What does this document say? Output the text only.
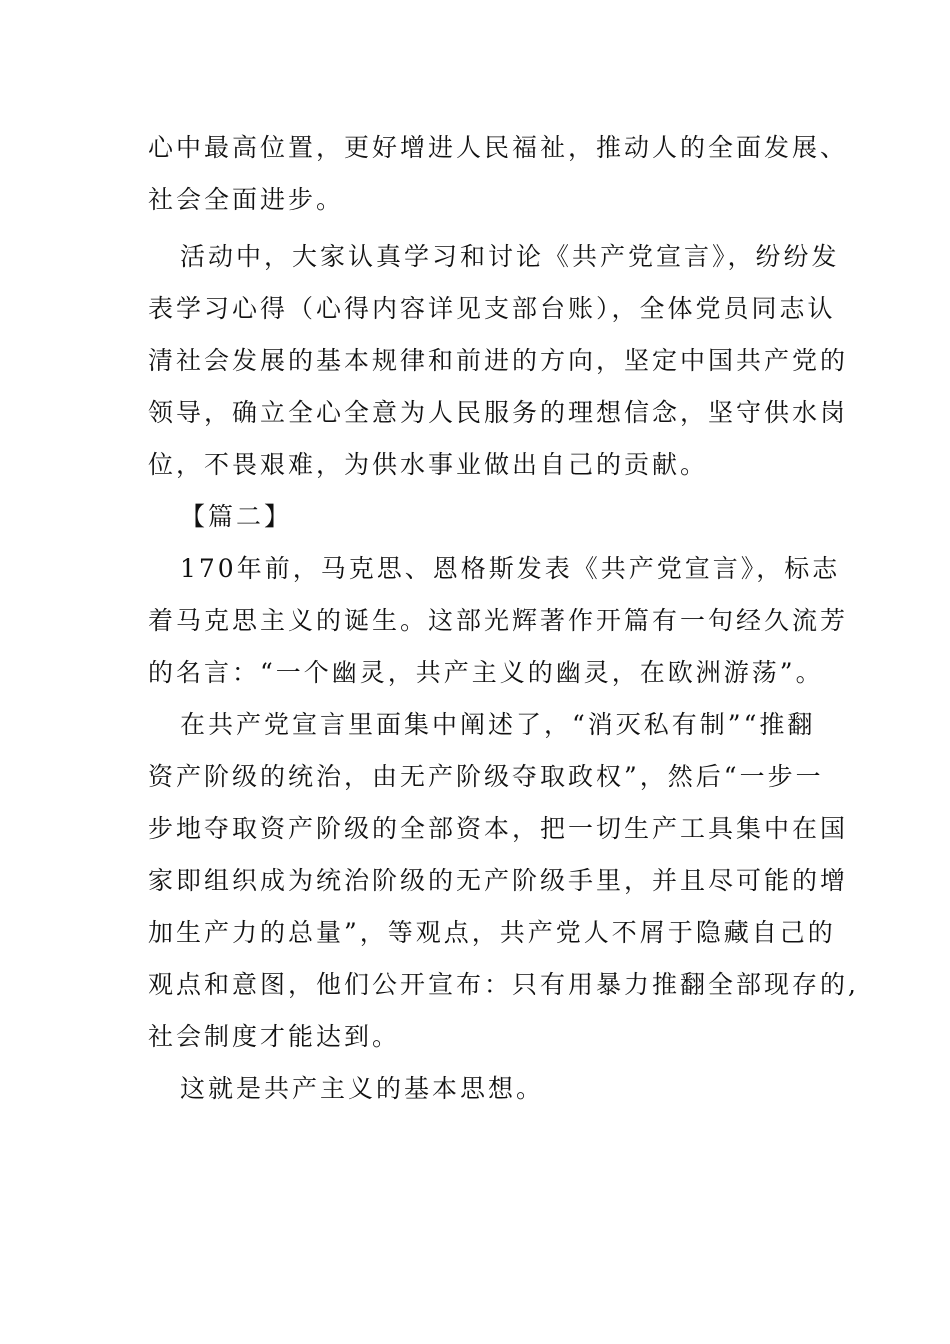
心中最高位置，更好增进人民福祉，推动人的全面发展、
社会全面进步。
活动中，大家认真学习和讨论《共产党宣言》，纷纷发
表学习心得（心得内容详见支部台账），全体党员同志认
清社会发展的基本规律和前进的方向，坚定中国共产党的
领导，确立全心全意为人民服务的理想信念，坚守供水岗
位，不畏艰难，为供水事业做出自己的贡献。
【篇二】
170年前，马克思、恩格斯发表《共产党宣言》，标志
着马克思主义的诞生。这部光辉著作开篇有一句经久流芳
的名言：“一个幽灵，共产主义的幽灵，在欧洲游荡”。
在共产党宣言里面集中阐述了，“消灭私有制”“推翻
资产阶级的统治，由无产阶级夺取政权”，然后“一步一
步地夺取资产阶级的全部资本，把一切生产工具集中在国
家即组织成为统治阶级的无产阶级手里，并且尽可能的增
加生产力的总量”，等观点，共产党人不屑于隐藏自己的
观点和意图，他们公开宣布：只有用暴力推翻全部现存的,
社会制度才能达到。
这就是共产主义的基本思想。
